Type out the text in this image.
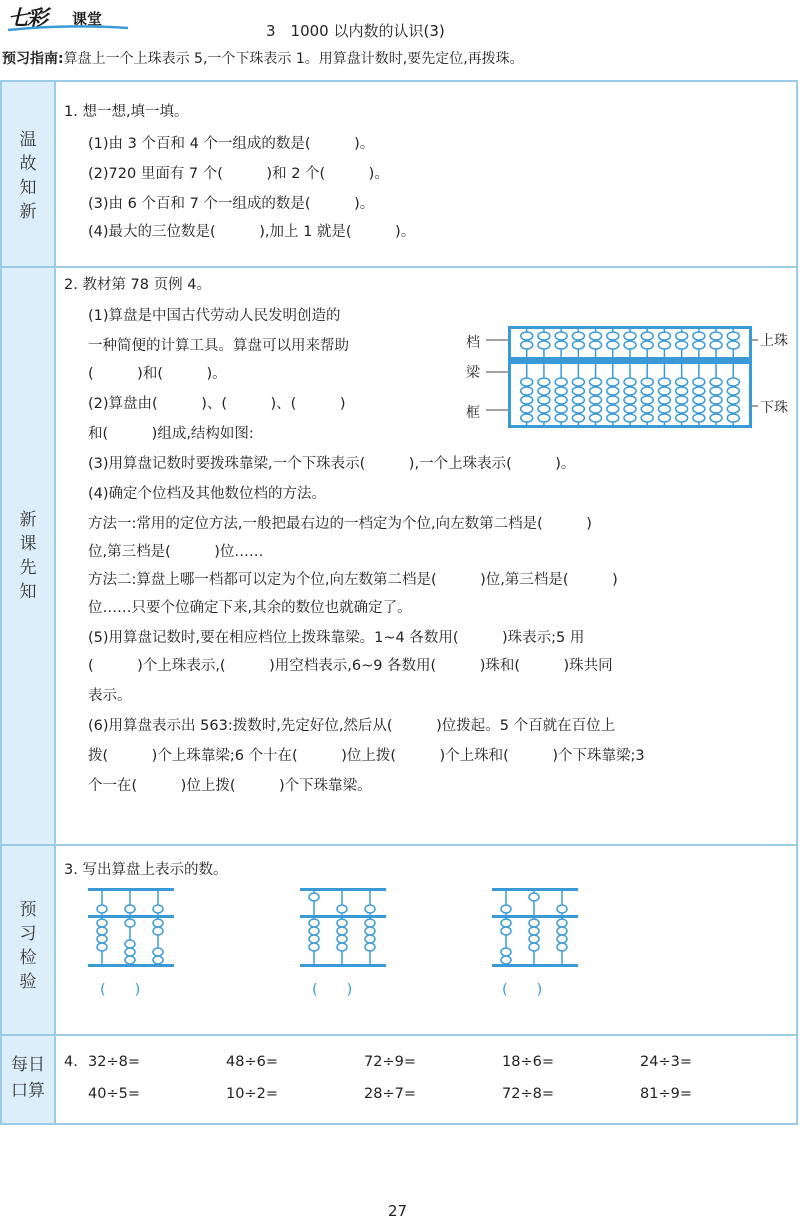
七彩 课堂
3　1000 以内数的认识(3)
预习指南:算盘上一个上珠表示 5,一个下珠表示 1。用算盘计数时,要先定位,再拨珠。
温
故
知
新
新
课
先
知
预
习
检
验
每日
口算
1. 想一想,填一填。
(1)由 3 个百和 4 个一组成的数是(　　　)。
(2)720 里面有 7 个(　　　)和 2 个(　　　)。
(3)由 6 个百和 7 个一组成的数是(　　　)。
(4)最大的三位数是(　　　),加上 1 就是(　　　)。
2. 教材第 78 页例 4。
(1)算盘是中国古代劳动人民发明创造的
一种简便的计算工具。算盘可以用来帮助
(　　　)和(　　　)。
(2)算盘由(　　　)、(　　　)、(　　　)
和(　　　)组成,结构如图:
档
梁
框
上珠
下珠
(3)用算盘记数时要拨珠靠梁,一个下珠表示(　　　),一个上珠表示(　　　)。
(4)确定个位档及其他数位档的方法。
方法一:常用的定位方法,一般把最右边的一档定为个位,向左数第二档是(　　　)
位,第三档是(　　　)位……
方法二:算盘上哪一档都可以定为个位,向左数第二档是(　　　)位,第三档是(　　　)
位……只要个位确定下来,其余的数位也就确定了。
(5)用算盘记数时,要在相应档位上拨珠靠梁。1~4 各数用(　　　)珠表示;5 用
(　　　)个上珠表示,(　　　)用空档表示,6~9 各数用(　　　)珠和(　　　)珠共同
表示。
(6)用算盘表示出 563:拨数时,先定好位,然后从(　　　)位拨起。5 个百就在百位上
拨(　　　)个上珠靠梁;6 个十在(　　　)位上拨(　　　)个上珠和(　　　)个下珠靠梁;3
个一在(　　　)位上拨(　　　)个下珠靠梁。
3. 写出算盘上表示的数。
(　　)	(　　)	(　　)
4. 32÷8=	48÷6=	72÷9=	18÷6=	24÷3=
40÷5=	10÷2=	28÷7=	72÷8=	81÷9=
27
